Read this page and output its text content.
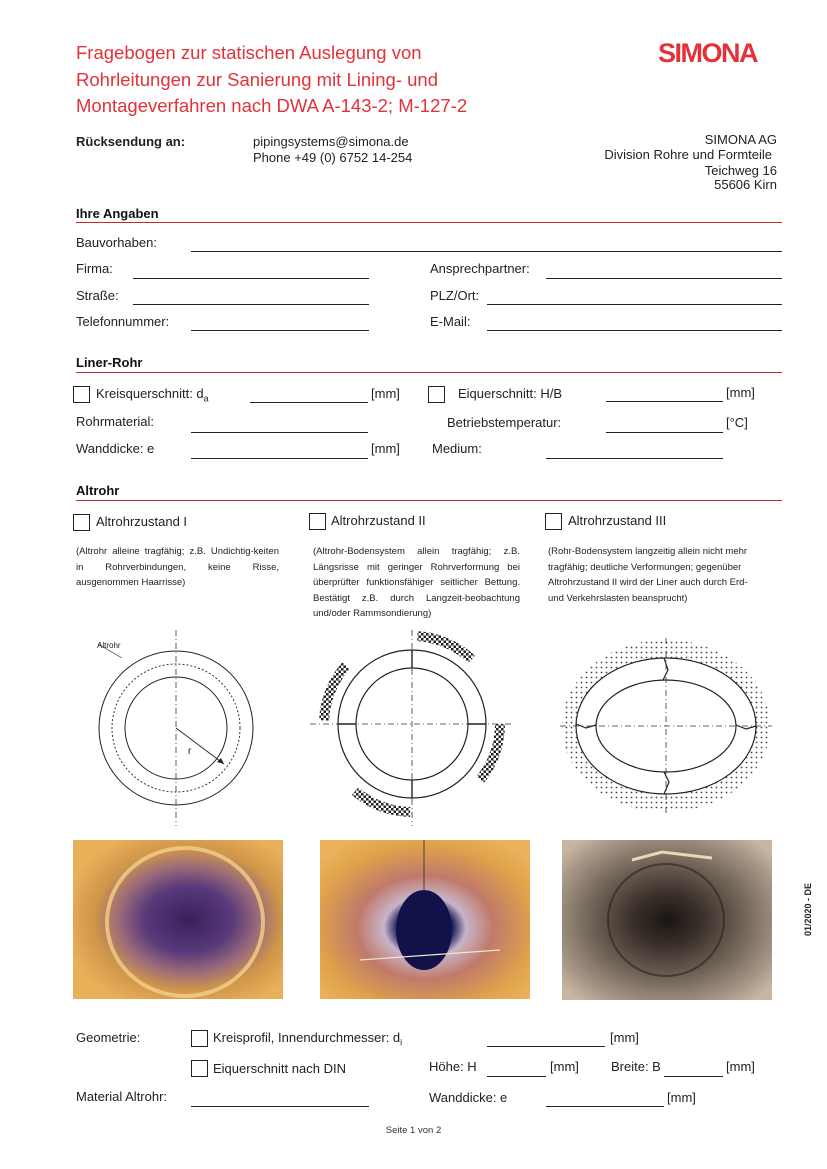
Fragebogen zur statischen Auslegung von
Rohrleitungen zur Sanierung mit Lining- und
Montageverfahren nach DWA A-143-2; M-127-2
SIMONA
Rücksendung an:	pipingsystems@simona.de
Phone +49 (0) 6752 14-254
SIMONA AG
Division Rohre und Formteile
Teichweg 16
55606 Kirn
Ihre Angaben
Bauvorhaben:
Firma:	Ansprechpartner:
Straße:	PLZ/Ort:
Telefonnummer:	E-Mail:
Liner-Rohr
Kreisquerschnitt: $d_a$	[mm]	Eiquerschnitt: H/B	[mm]
Rohrmaterial:	Betriebstemperatur:	[°C]
Wanddicke: e	[mm] Medium:
Altrohr
Altrohrzustand I	Altrohrzustand II	Altrohrzustand III
(Altrohr alleine tragfähig; z.B. Undichtig-keiten in Rohrverbindungen, keine Risse, ausgenommen Haarrisse)
(Altrohr-Bodensystem allein tragfähig; z.B. Längsrisse mit geringer Rohrverformung bei überprüfter funktionsfähiger seitlicher Bettung. Bestätigt z.B. durch Langzeit-beobachtung und/oder Rammsondierung)
(Rohr-Bodensystem langzeitig allein nicht mehr tragfähig; deutliche Verformungen; gegenüber Altrohrzustand II wird der Liner auch durch Erd- und Verkehrslasten beansprucht)
Altrohr
r
01/2020 - DE
Geometrie:	Kreisprofil, Innendurchmesser: $d_i$	[mm]
Eiquerschnitt nach DIN	Höhe: H	[mm] Breite: B	[mm]
Material Altrohr:	Wanddicke: e	[mm]
Seite 1 von 2
